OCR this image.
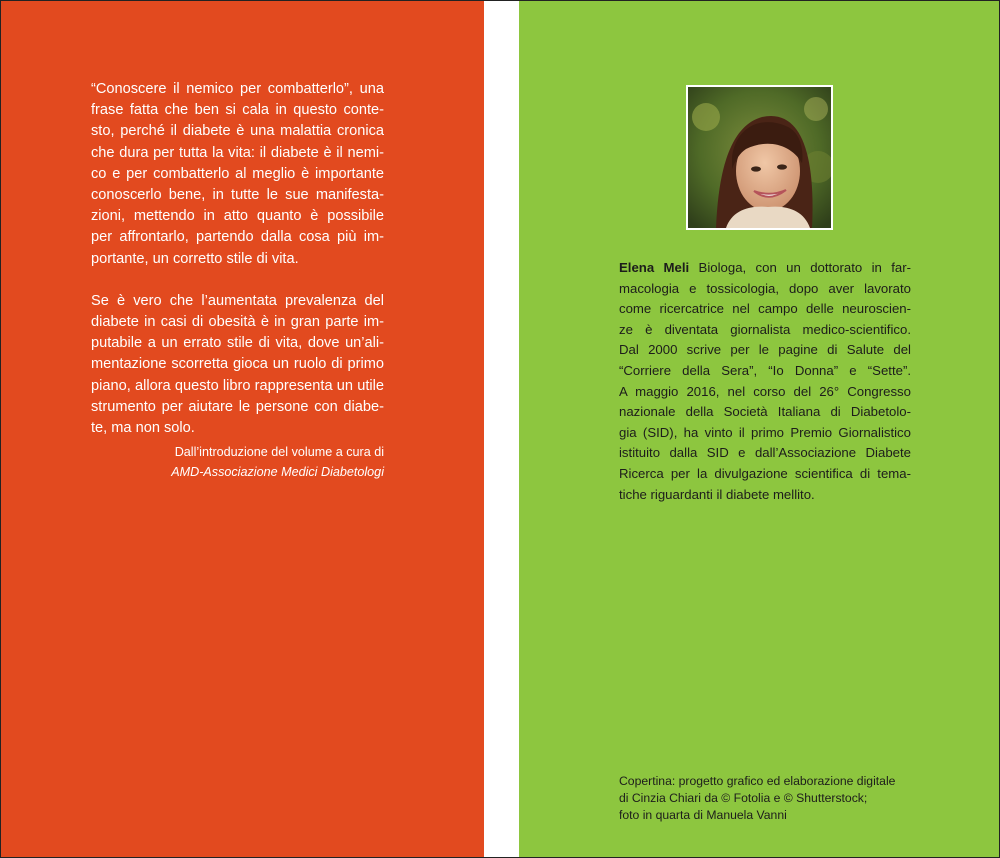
“Conoscere il nemico per combatterlo”, una
frase fatta che ben si cala in questo conte-
sto, perché il diabete è una malattia cronica
che dura per tutta la vita: il diabete è il nemi-
co e per combatterlo al meglio è importante
conoscerlo bene, in tutte le sue manifesta-
zioni, mettendo in atto quanto è possibile
per affrontarlo, partendo dalla cosa più im-
portante, un corretto stile di vita.

Se è vero che l’aumentata prevalenza del
diabete in casi di obesità è in gran parte im-
putabile a un errato stile di vita, dove un’ali-
mentazione scorretta gioca un ruolo di primo
piano, allora questo libro rappresenta un utile
strumento per aiutare le persone con diabe-
te, ma non solo.

Dall’introduzione del volume a cura di
AMD-Associazione Medici Diabetologi
Elena Meli Biologa, con un dottorato in far-
macologia e tossicologia, dopo aver lavorato
come ricercatrice nel campo delle neuroscien-
ze è diventata giornalista medico-scientifico.
Dal 2000 scrive per le pagine di Salute del
“Corriere della Sera”, “Io Donna” e “Sette”.
A maggio 2016, nel corso del 26° Congresso
nazionale della Società Italiana di Diabetolo-
gia (SID), ha vinto il primo Premio Giornalistico
istituito dalla SID e dall’Associazione Diabete
Ricerca per la divulgazione scientifica di tema-
tiche riguardanti il diabete mellito.
Copertina: progetto grafico ed elaborazione digitale
di Cinzia Chiari da © Fotolia e © Shutterstock;
foto in quarta di Manuela Vanni
